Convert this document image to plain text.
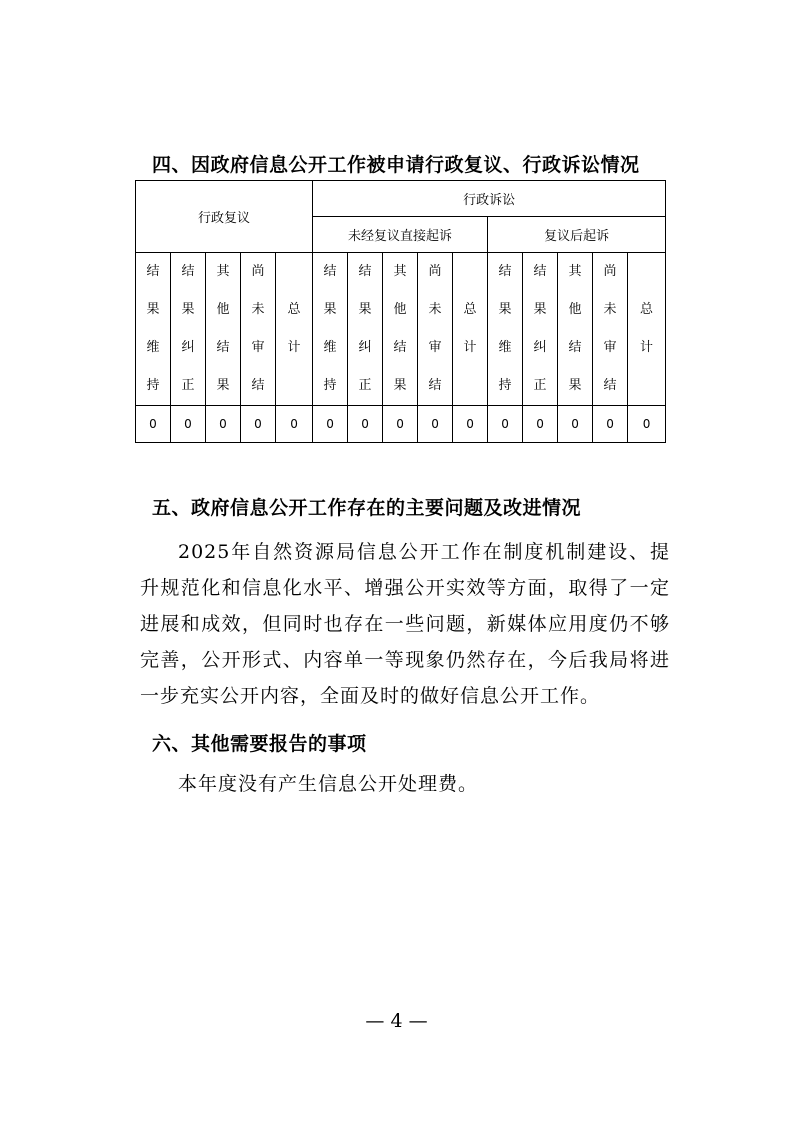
四、因政府信息公开工作被申请行政复议、行政诉讼情况
行政复议					行政诉讼									
					未经复议直接起诉					复议后起诉				
结果维持	结果纠正	其他结果	尚未审结	总计	结果维持	结果纠正	其他结果	尚未审结	总计	结果维持	结果纠正	其他结果	尚未审结	总计
0	0	0	0	0	0	0	0	0	0	0	0	0	0	0
五、政府信息公开工作存在的主要问题及改进情况

2025年自然资源局信息公开工作在制度机制建设、提升规范化和信息化水平、增强公开实效等方面，取得了一定进展和成效，但同时也存在一些问题，新媒体应用度仍不够完善，公开形式、内容单一等现象仍然存在，今后我局将进一步充实公开内容，全面及时的做好信息公开工作。

六、其他需要报告的事项

本年度没有产生信息公开处理费。

— 4 —
